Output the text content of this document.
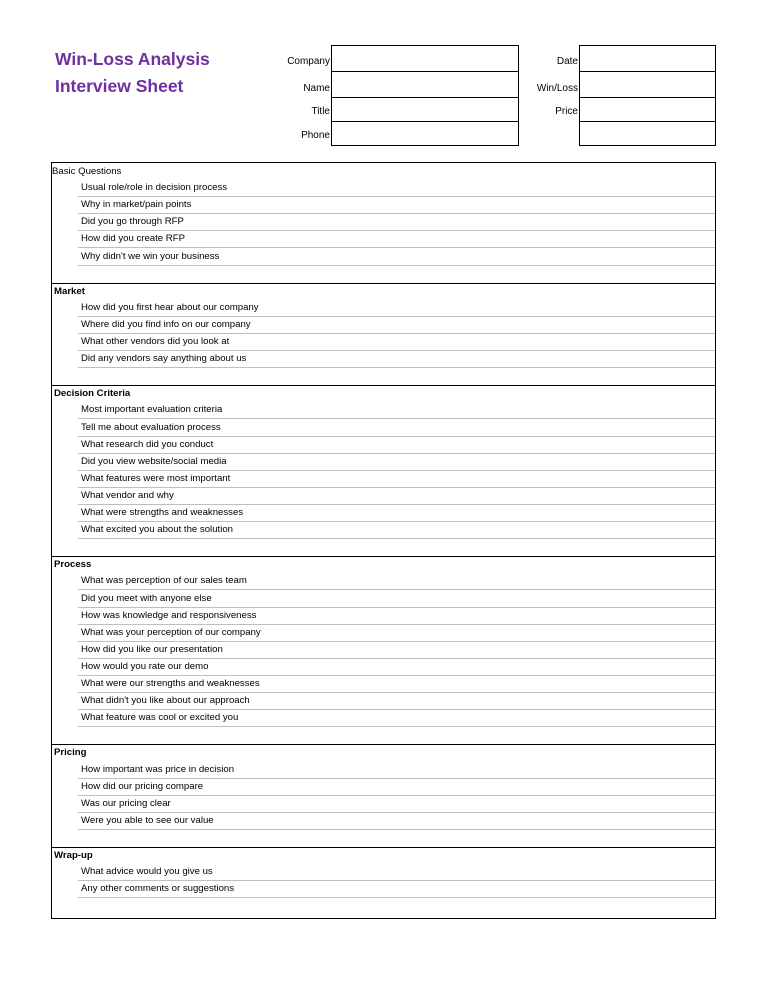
Win-Loss Analysis
Interview Sheet
Company
Name
Title
Phone
Date
Win/Loss
Price
Basic Questions
Usual role/role in decision process
Why in market/pain points
Did you go through RFP
How did you create RFP
Why didn't we win your business
Market
How did you first hear about our company
Where did you find info on our company
What other vendors did you look at
Did any vendors say anything about us
Decision Criteria
Most important evaluation criteria
Tell me about evaluation process
What research did you conduct
Did you view website/social media
What features were most important
What vendor and why
What were strengths and weaknesses
What excited you about the solution
Process
What was perception of our sales team
Did you meet with anyone else
How was knowledge and responsiveness
What was your perception of our company
How did you like our presentation
How would you rate our demo
What were our strengths and weaknesses
What didn't you like about our approach
What feature was cool or excited you
Pricing
How important was price in decision
How did our pricing compare
Was our pricing clear
Were you able to see our value
Wrap-up
What advice would you give us
Any other comments or suggestions
